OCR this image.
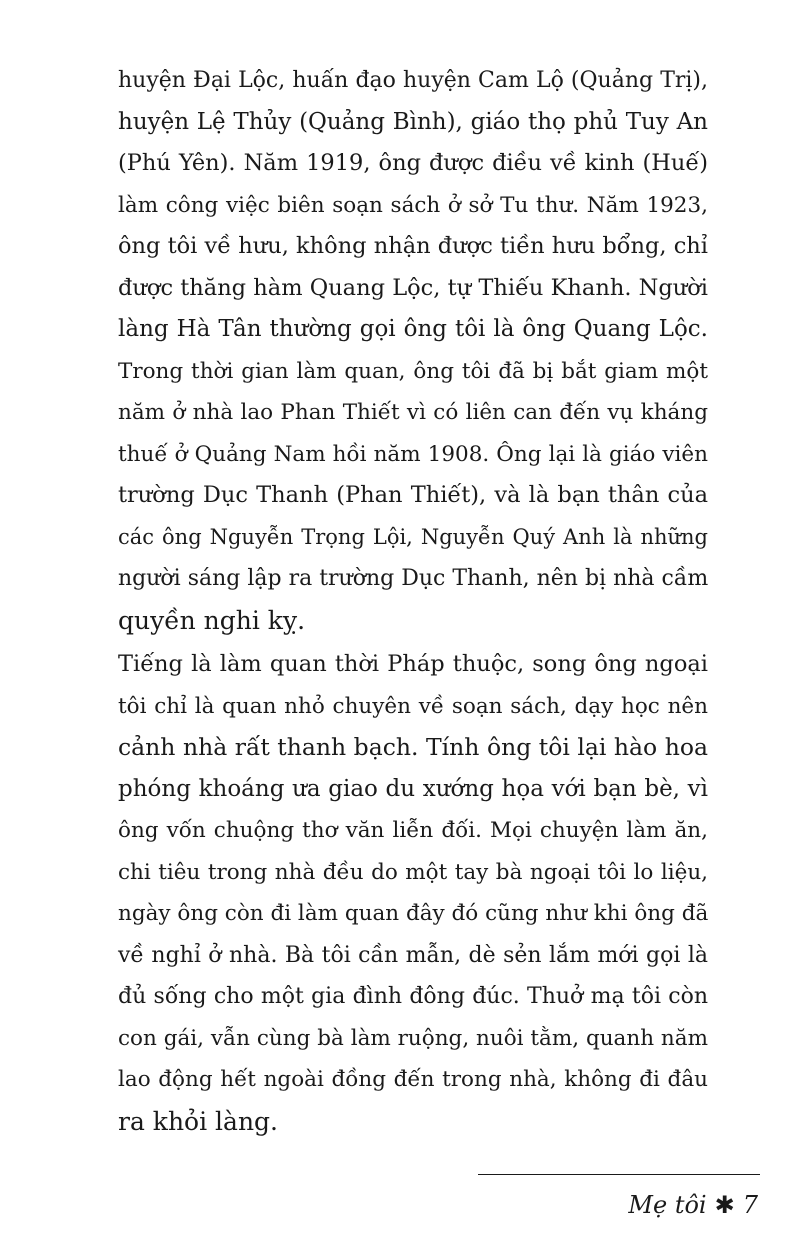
huyện Đại Lộc, huấn đạo huyện Cam Lộ (Quảng Trị),
huyện Lệ Thủy (Quảng Bình), giáo thọ phủ Tuy An
(Phú Yên). Năm 1919, ông được điều về kinh (Huế)
làm công việc biên soạn sách ở sở Tu thư. Năm 1923,
ông tôi về hưu, không nhận được tiền hưu bổng, chỉ
được thăng hàm Quang Lộc, tự Thiếu Khanh. Người
làng Hà Tân thường gọi ông tôi là ông Quang Lộc.
Trong thời gian làm quan, ông tôi đã bị bắt giam một
năm ở nhà lao Phan Thiết vì có liên can đến vụ kháng
thuế ở Quảng Nam hồi năm 1908. Ông lại là giáo viên
trường Dục Thanh (Phan Thiết), và là bạn thân của
các ông Nguyễn Trọng Lội, Nguyễn Quý Anh là những
người sáng lập ra trường Dục Thanh, nên bị nhà cầm
quyền nghi kỵ.
Tiếng là làm quan thời Pháp thuộc, song ông ngoại
tôi chỉ là quan nhỏ chuyên về soạn sách, dạy học nên
cảnh nhà rất thanh bạch. Tính ông tôi lại hào hoa
phóng khoáng ưa giao du xướng họa với bạn bè, vì
ông vốn chuộng thơ văn liễn đối. Mọi chuyện làm ăn,
chi tiêu trong nhà đều do một tay bà ngoại tôi lo liệu,
ngày ông còn đi làm quan đây đó cũng như khi ông đã
về nghỉ ở nhà. Bà tôi cần mẫn, dè sẻn lắm mới gọi là
đủ sống cho một gia đình đông đúc. Thuở mạ tôi còn
con gái, vẫn cùng bà làm ruộng, nuôi tằm, quanh năm
lao động hết ngoài đồng đến trong nhà, không đi đâu
ra khỏi làng.
Mẹ tôi ✱ 7
